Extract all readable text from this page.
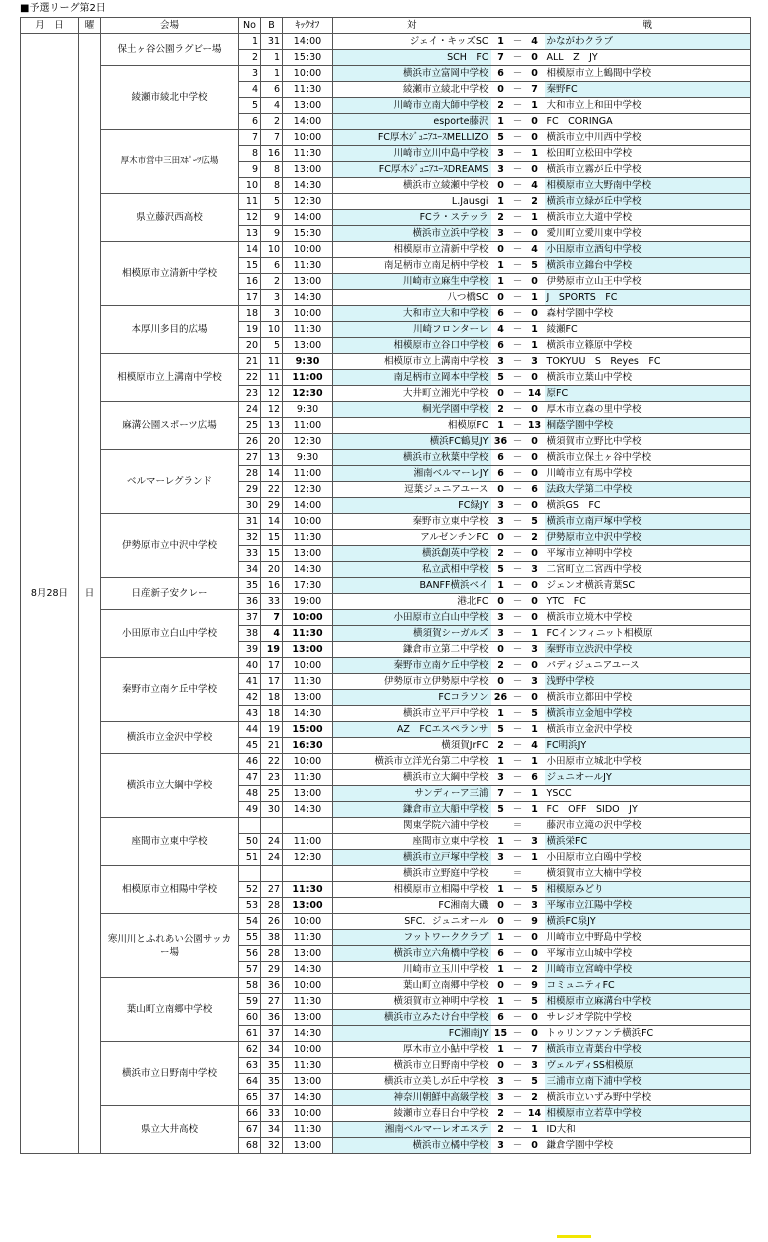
■予選リーグ第2日
月　 日	曜	会場	No	B	ｷｯｸｵﾌ	対				戦
8月28日	日	保土ヶ谷公園ラグビー場	1	31	14:00	ジェイ・キッズSC	1	－	4	かながわクラブ
			2	1	15:30	SCH　FC	7	－	0	ALL　Z　JY
		綾瀬市綾北中学校	3	1	10:00	横浜市立富岡中学校	6	－	0	相模原市立上鶴間中学校
			4	6	11:30	綾瀬市立綾北中学校	0	－	7	秦野FC
			5	4	13:00	川崎市立南大師中学校	2	－	1	大和市立上和田中学校
			6	2	14:00	esporte藤沢	1	－	0	FC　CORINGA
		厚木市営中三田ｽﾎﾟｰﾂ広場	7	7	10:00	FC厚木ｼﾞｭﾆｱﾕｰｽMELLIZO	5	－	0	横浜市立中川西中学校
			8	16	11:30	川崎市立川中島中学校	3	－	1	松田町立松田中学校
			9	8	13:00	FC厚木ｼﾞｭﾆｱﾕｰｽDREAMS	3	－	0	横浜市立霧が丘中学校
			10	8	14:30	横浜市立綾瀬中学校	0	－	4	相模原市立大野南中学校
		県立藤沢西高校	11	5	12:30	L.Jausgi	1	－	2	横浜市立緑が丘中学校
			12	9	14:00	FCラ・ステッラ	2	－	1	横浜市立大道中学校
			13	9	15:30	横浜市立浜中学校	3	－	0	愛川町立愛川東中学校
		相模原市立清新中学校	14	10	10:00	相模原市立清新中学校	0	－	4	小田原市立酒匂中学校
			15	6	11:30	南足柄市立南足柄中学校	1	－	5	横浜市立錦台中学校
			16	2	13:00	川崎市立麻生中学校	1	－	0	伊勢原市立山王中学校
			17	3	14:30	八つ橋SC	0	－	1	J　SPORTS　FC
		本厚川多目的広場	18	3	10:00	大和市立大和中学校	6	－	0	森村学園中学校
			19	10	11:30	川崎フロンターレ	4	－	1	綾瀬FC
			20	5	13:00	相模原市立谷口中学校	6	－	1	横浜市立篠原中学校
		相模原市立上溝南中学校	21	11	9:30	相模原市立上溝南中学校	3	－	3	TOKYUU　S　Reyes　FC
			22	11	11:00	南足柄市立岡本中学校	5	－	0	横浜市立葉山中学校
			23	12	12:30	大井町立湘光中学校	0	－	14	原FC
		麻溝公園スポーツ広場	24	12	9:30	桐光学園中学校	2	－	0	厚木市立森の里中学校
			25	13	11:00	相模原FC	1	－	13	桐蔭学園中学校
			26	20	12:30	横浜FC鶴見JY	36	－	0	横須賀市立野比中学校
		ベルマーレグランド	27	13	9:30	横浜市立秋葉中学校	6	－	0	横浜市立保土ヶ谷中学校
			28	14	11:00	湘南ベルマーレJY	6	－	0	川崎市立有馬中学校
			29	22	12:30	逗葉ジュニアユース	0	－	6	法政大学第二中学校
			30	29	14:00	FC緑JY	3	－	0	横浜GS　FC
		伊勢原市立中沢中学校	31	14	10:00	秦野市立東中学校	3	－	5	横浜市立南戸塚中学校
			32	15	11:30	アルゼンチンFC	0	－	2	伊勢原市立中沢中学校
			33	15	13:00	横浜創英中学校	2	－	0	平塚市立神明中学校
			34	20	14:30	私立武相中学校	5	－	3	二宮町立二宮西中学校
		日産新子安クレー	35	16	17:30	BANFF横浜ベイ	1	－	0	ジェンオ横浜青葉SC
			36	33	19:00	港北FC	0	－	0	YTC　FC
		小田原市立白山中学校	37	7	10:00	小田原市立白山中学校	3	－	0	横浜市立境木中学校
			38	4	11:30	横須賀シーガルズ	3	－	1	FCインフィニット相模原
			39	19	13:00	鎌倉市立第二中学校	0	－	3	秦野市立渋沢中学校
		秦野市立南ケ丘中学校	40	17	10:00	秦野市立南ケ丘中学校	2	－	0	パディジュニアユース
			41	17	11:30	伊勢原市立伊勢原中学校	0	－	3	浅野中学校
			42	18	13:00	FCコラソン	26	－	0	横浜市立都田中学校
			43	18	14:30	横浜市立平戸中学校	1	－	5	横浜市立金旭中学校
		横浜市立金沢中学校	44	19	15:00	AZ　FCエスペランサ	5	－	1	横浜市立金沢中学校
			45	21	16:30	横須賀JrFC	2	－	4	FC明浜JY
		横浜市立大綱中学校	46	22	10:00	横浜市立洋光台第二中学校	1	－	1	小田原市立城北中学校
			47	23	11:30	横浜市立大綱中学校	3	－	6	ジュニオールJY
			48	25	13:00	サンディーア三浦	7	－	1	YSCC
			49	30	14:30	鎌倉市立大船中学校	5	－	1	FC　OFF　SIDO　JY
		座間市立東中学校				関東学院六浦中学校		＝		藤沢市立滝の沢中学校
			50	24	11:00	座間市立東中学校	1	－	3	横浜栄FC
			51	24	12:30	横浜市立戸塚中学校	3	－	1	小田原市立白鴎中学校
		相模原市立相陽中学校				横浜市立野庭中学校		＝		横須賀市立大楠中学校
			52	27	11:30	相模原市立相陽中学校	1	－	5	相模原みどり
			53	28	13:00	FC湘南大磯	0	－	3	平塚市立江陽中学校
		寒川川とふれあい公園サッカー場	54	26	10:00	SFC．ジュニオール	0	－	9	横浜FC泉JY
			55	38	11:30	フットワーククラブ	1	－	0	川崎市立中野島中学校
			56	28	13:00	横浜市立六角橋中学校	6	－	0	平塚市立山城中学校
			57	29	14:30	川崎市立玉川中学校	1	－	2	川崎市立宮崎中学校
		葉山町立南郷中学校	58	36	10:00	葉山町立南郷中学校	0	－	9	コミュニティFC
			59	27	11:30	横須賀市立神明中学校	1	－	5	相模原市立麻溝台中学校
			60	36	13:00	横浜市立みたけ台中学校	6	－	0	サレジオ学院中学校
			61	37	14:30	FC湘南JY	15	－	0	トゥリンファンテ横浜FC
		横浜市立日野南中学校	62	34	10:00	厚木市立小鮎中学校	1	－	7	横浜市立青葉台中学校
			63	35	11:30	横浜市立日野南中学校	0	－	3	ヴェルディSS相模原
			64	35	13:00	横浜市立美しが丘中学校	3	－	5	三浦市立南下浦中学校
			65	37	14:30	神奈川朝鮮中高級学校	3	－	2	横浜市立いずみ野中学校
		県立大井高校	66	33	10:00	綾瀬市立春日台中学校	2	－	14	相模原市立若草中学校
			67	34	11:30	湘南ベルマーレオエステ	2	－	1	ID大和
			68	32	13:00	横浜市立橘中学校	3	－	0	鎌倉学園中学校
